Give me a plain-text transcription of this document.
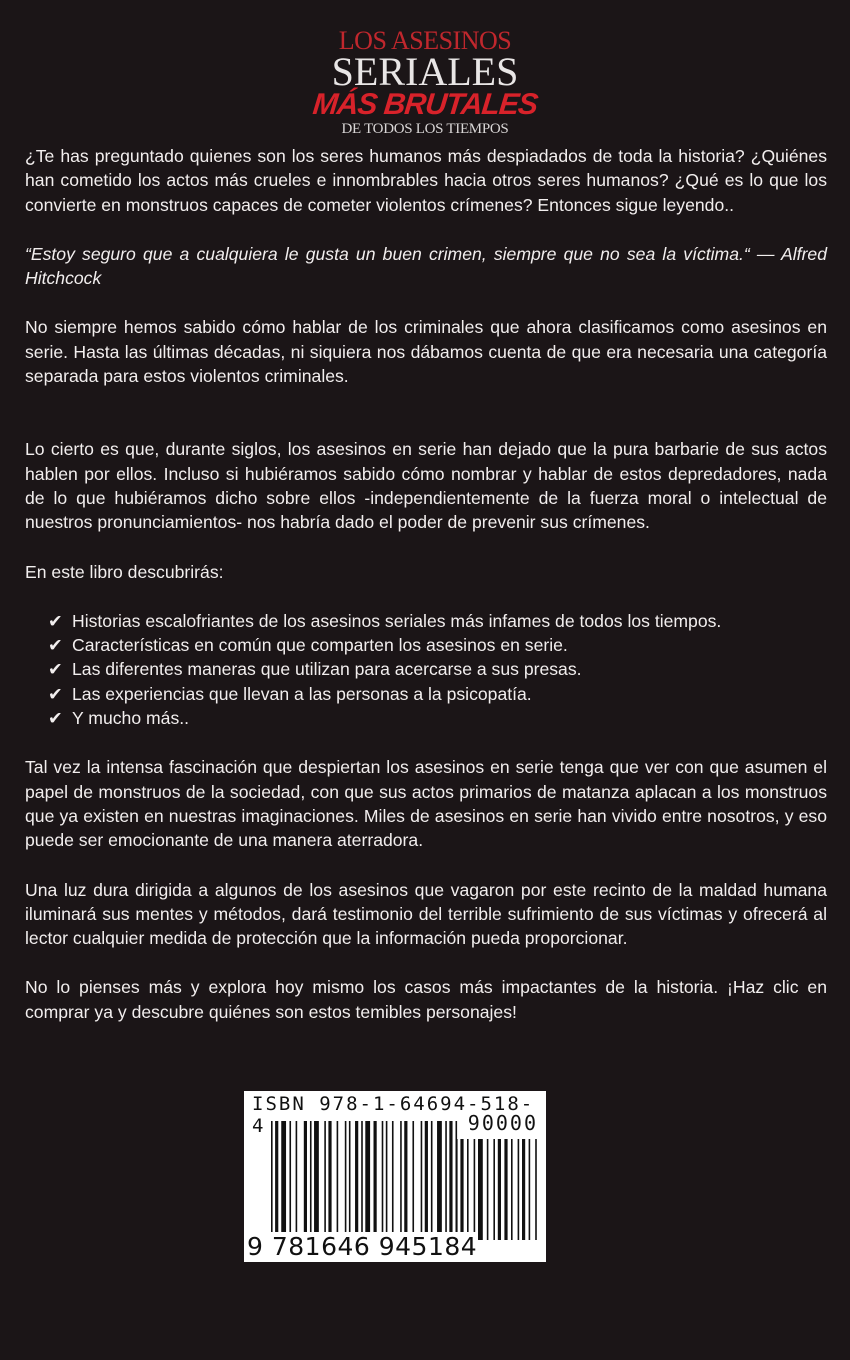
LOS ASESINOS
SERIALES
MÁS BRUTALES
DE TODOS LOS TIEMPOS

¿Te has preguntado quienes son los seres humanos más despiadados de toda la historia? ¿Quiénes han cometido los actos más crueles e innombrables hacia otros seres humanos? ¿Qué es lo que los convierte en monstruos capaces de cometer violentos crímenes? Entonces sigue leyendo..

“Estoy seguro que a cualquiera le gusta un buen crimen, siempre que no sea la víctima.“ — Alfred Hitchcock

No siempre hemos sabido cómo hablar de los criminales que ahora clasificamos como asesinos en serie. Hasta las últimas décadas, ni siquiera nos dábamos cuenta de que era necesaria una categoría separada para estos violentos criminales.

Lo cierto es que, durante siglos, los asesinos en serie han dejado que la pura barbarie de sus actos hablen por ellos. Incluso si hubiéramos sabido cómo nombrar y hablar de estos depredadores, nada de lo que hubiéramos dicho sobre ellos -independientemente de la fuerza moral o intelectual de nuestros pronunciamientos- nos habría dado el poder de prevenir sus crímenes.

En este libro descubrirás:

✔ Historias escalofriantes de los asesinos seriales más infames de todos los tiempos.
✔ Características en común que comparten los asesinos en serie.
✔ Las diferentes maneras que utilizan para acercarse a sus presas.
✔ Las experiencias que llevan a las personas a la psicopatía.
✔ Y mucho más..

Tal vez la intensa fascinación que despiertan los asesinos en serie tenga que ver con que asumen el papel de monstruos de la sociedad, con que sus actos primarios de matanza aplacan a los monstruos que ya existen en nuestras imaginaciones. Miles de asesinos en serie han vivido entre nosotros, y eso puede ser emocionante de una manera aterradora.

Una luz dura dirigida a algunos de los asesinos que vagaron por este recinto de la maldad humana iluminará sus mentes y métodos, dará testimonio del terrible sufrimiento de sus víctimas y ofrecerá al lector cualquier medida de protección que la información pueda proporcionar.

No lo pienses más y explora hoy mismo los casos más impactantes de la historia. ¡Haz clic en comprar ya y descubre quiénes son estos temibles personajes!

ISBN 978-1-64694-518-4	90000
9 781646 945184
